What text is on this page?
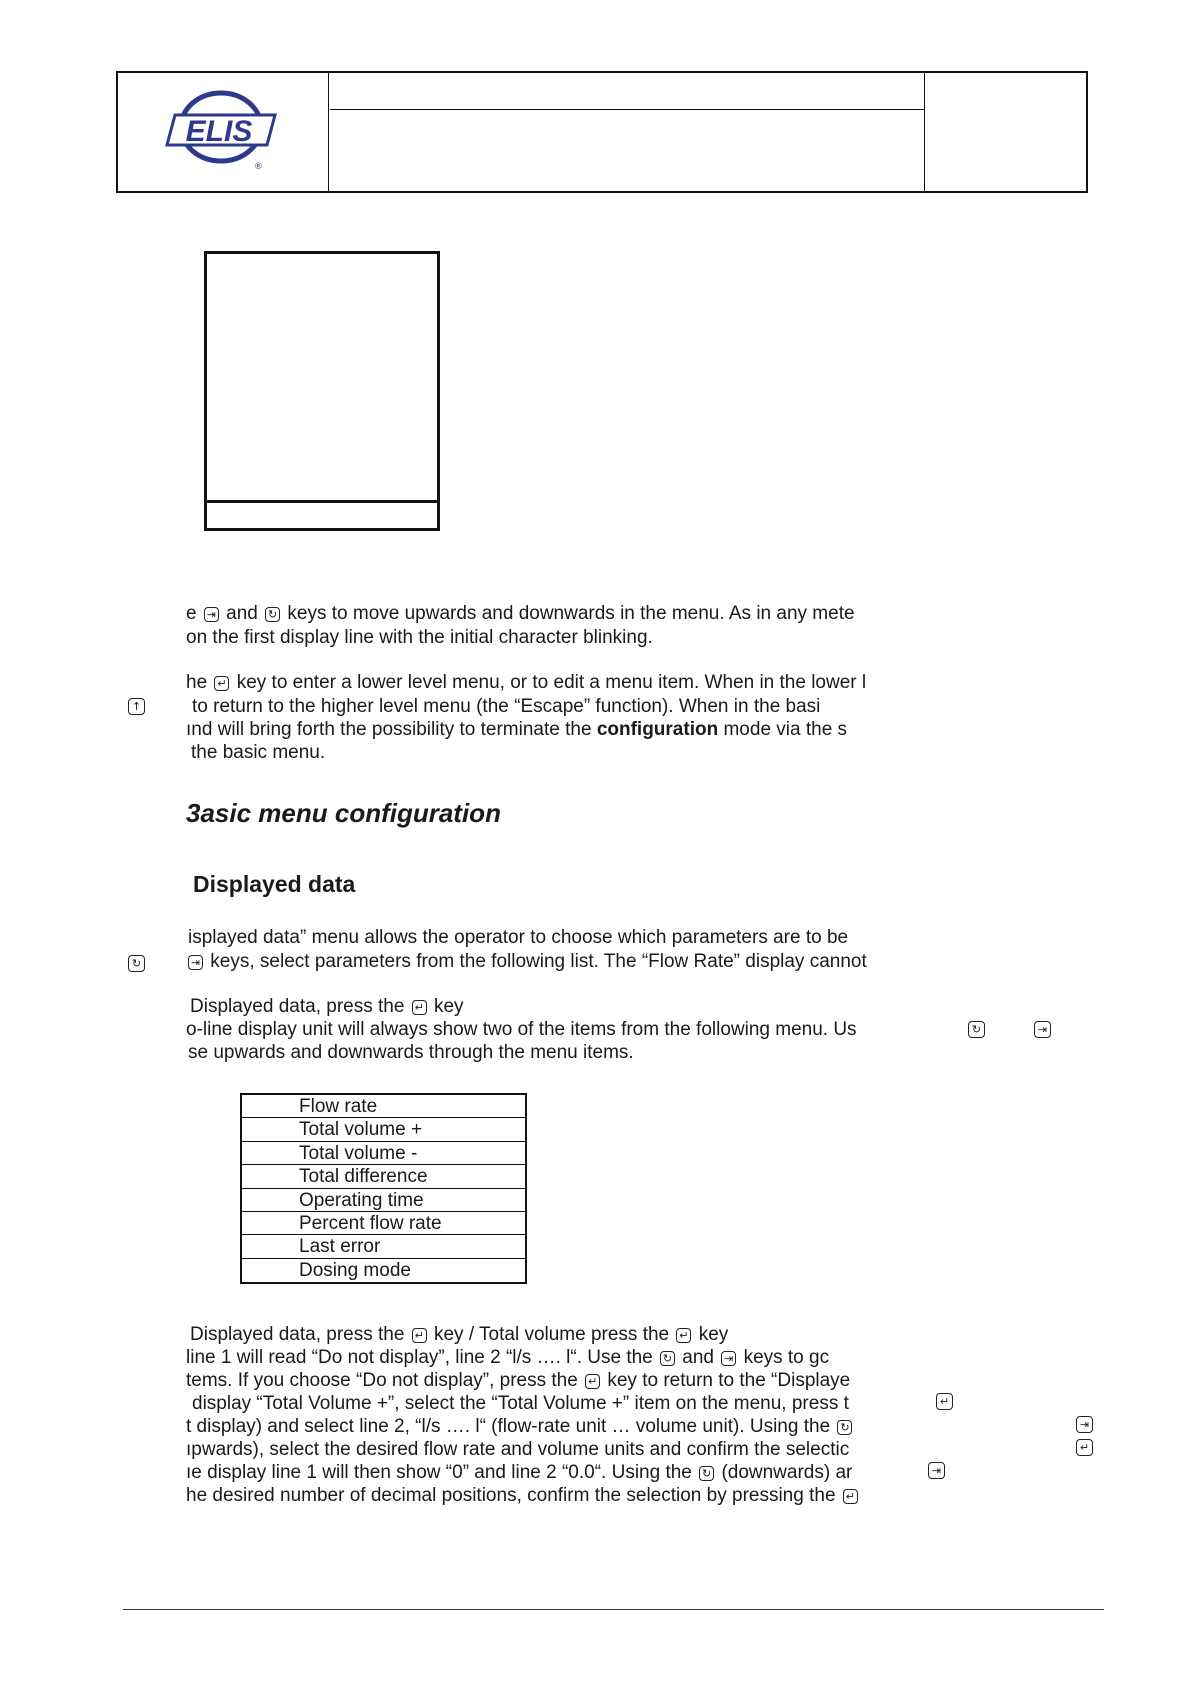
ELIS
®
e ⇥ and ↻ keys to move upwards and downwards in the menu. As in any mete
on the first display line with the initial character blinking.
↑
he ↵ key to enter a lower level menu, or to edit a menu item. When in the lower l
to return to the higher level menu (the “Escape” function). When in the basi
ınd will bring forth the possibility to terminate the configuration mode via the s
the basic menu.
3asic menu configuration
Displayed data
↻
isplayed data” menu allows the operator to choose which parameters are to be
⇥ keys, select parameters from the following list. The “Flow Rate” display cannot
↻	⇥
Displayed data, press the ↵ key
o-line display unit will always show two of the items from the following menu. Us
se upwards and downwards through the menu items.
Flow rate
Total volume +
Total volume -
Total difference
Operating time
Percent flow rate
Last error
Dosing mode
↵
⇥
↵
⇥
Displayed data, press the ↵ key / Total volume press the ↵ key
line 1 will read “Do not display”, line 2 “l/s …. l“. Use the ↻ and ⇥ keys to gc
tems. If you choose “Do not display”, press the ↵ key to return to the “Displaye
display “Total Volume +”, select the “Total Volume +” item on the menu, press t
t display) and select line 2, “l/s …. l“ (flow-rate unit … volume unit). Using the ↻
ıpwards), select the desired flow rate and volume units and confirm the selectic
ıe display line 1 will then show “0” and line 2 “0.0“. Using the ↻ (downwards) ar
he desired number of decimal positions, confirm the selection by pressing the ↵
